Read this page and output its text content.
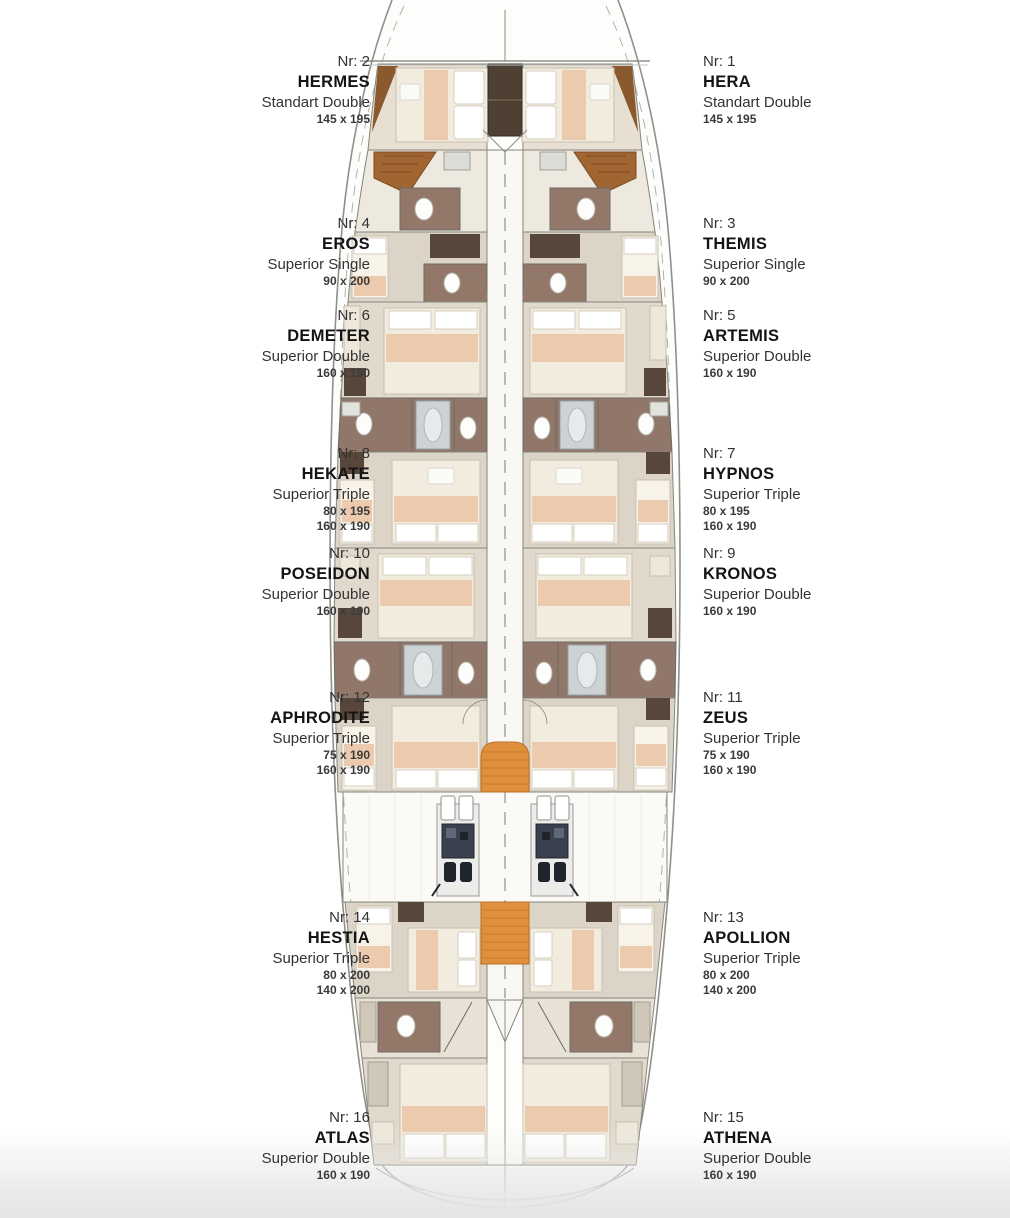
Nr: 2
HERMES
Standart Double
145 x 195
Nr: 1
HERA
Standart Double
145 x 195
Nr: 4
EROS
Superior Single
90 x 200
Nr: 3
THEMIS
Superior Single
90 x 200
Nr: 6
DEMETER
Superior Double
160 x 190
Nr: 5
ARTEMIS
Superior Double
160 x 190
Nr: 8
HEKATE
Superior Triple
80 x 195
160 x 190
Nr: 7
HYPNOS
Superior Triple
80 x 195
160 x 190
Nr: 10
POSEIDON
Superior Double
160 x 190
Nr: 9
KRONOS
Superior Double
160 x 190
Nr: 12
APHRODITE
Superior Triple
75 x 190
160 x 190
Nr: 11
ZEUS
Superior Triple
75 x 190
160 x 190
Nr: 14
HESTIA
Superior Triple
80 x 200
140 x 200
Nr: 13
APOLLION
Superior Triple
80 x 200
140 x 200
Nr: 16
ATLAS
Superior Double
160 x 190
Nr: 15
ATHENA
Superior Double
160 x 190
